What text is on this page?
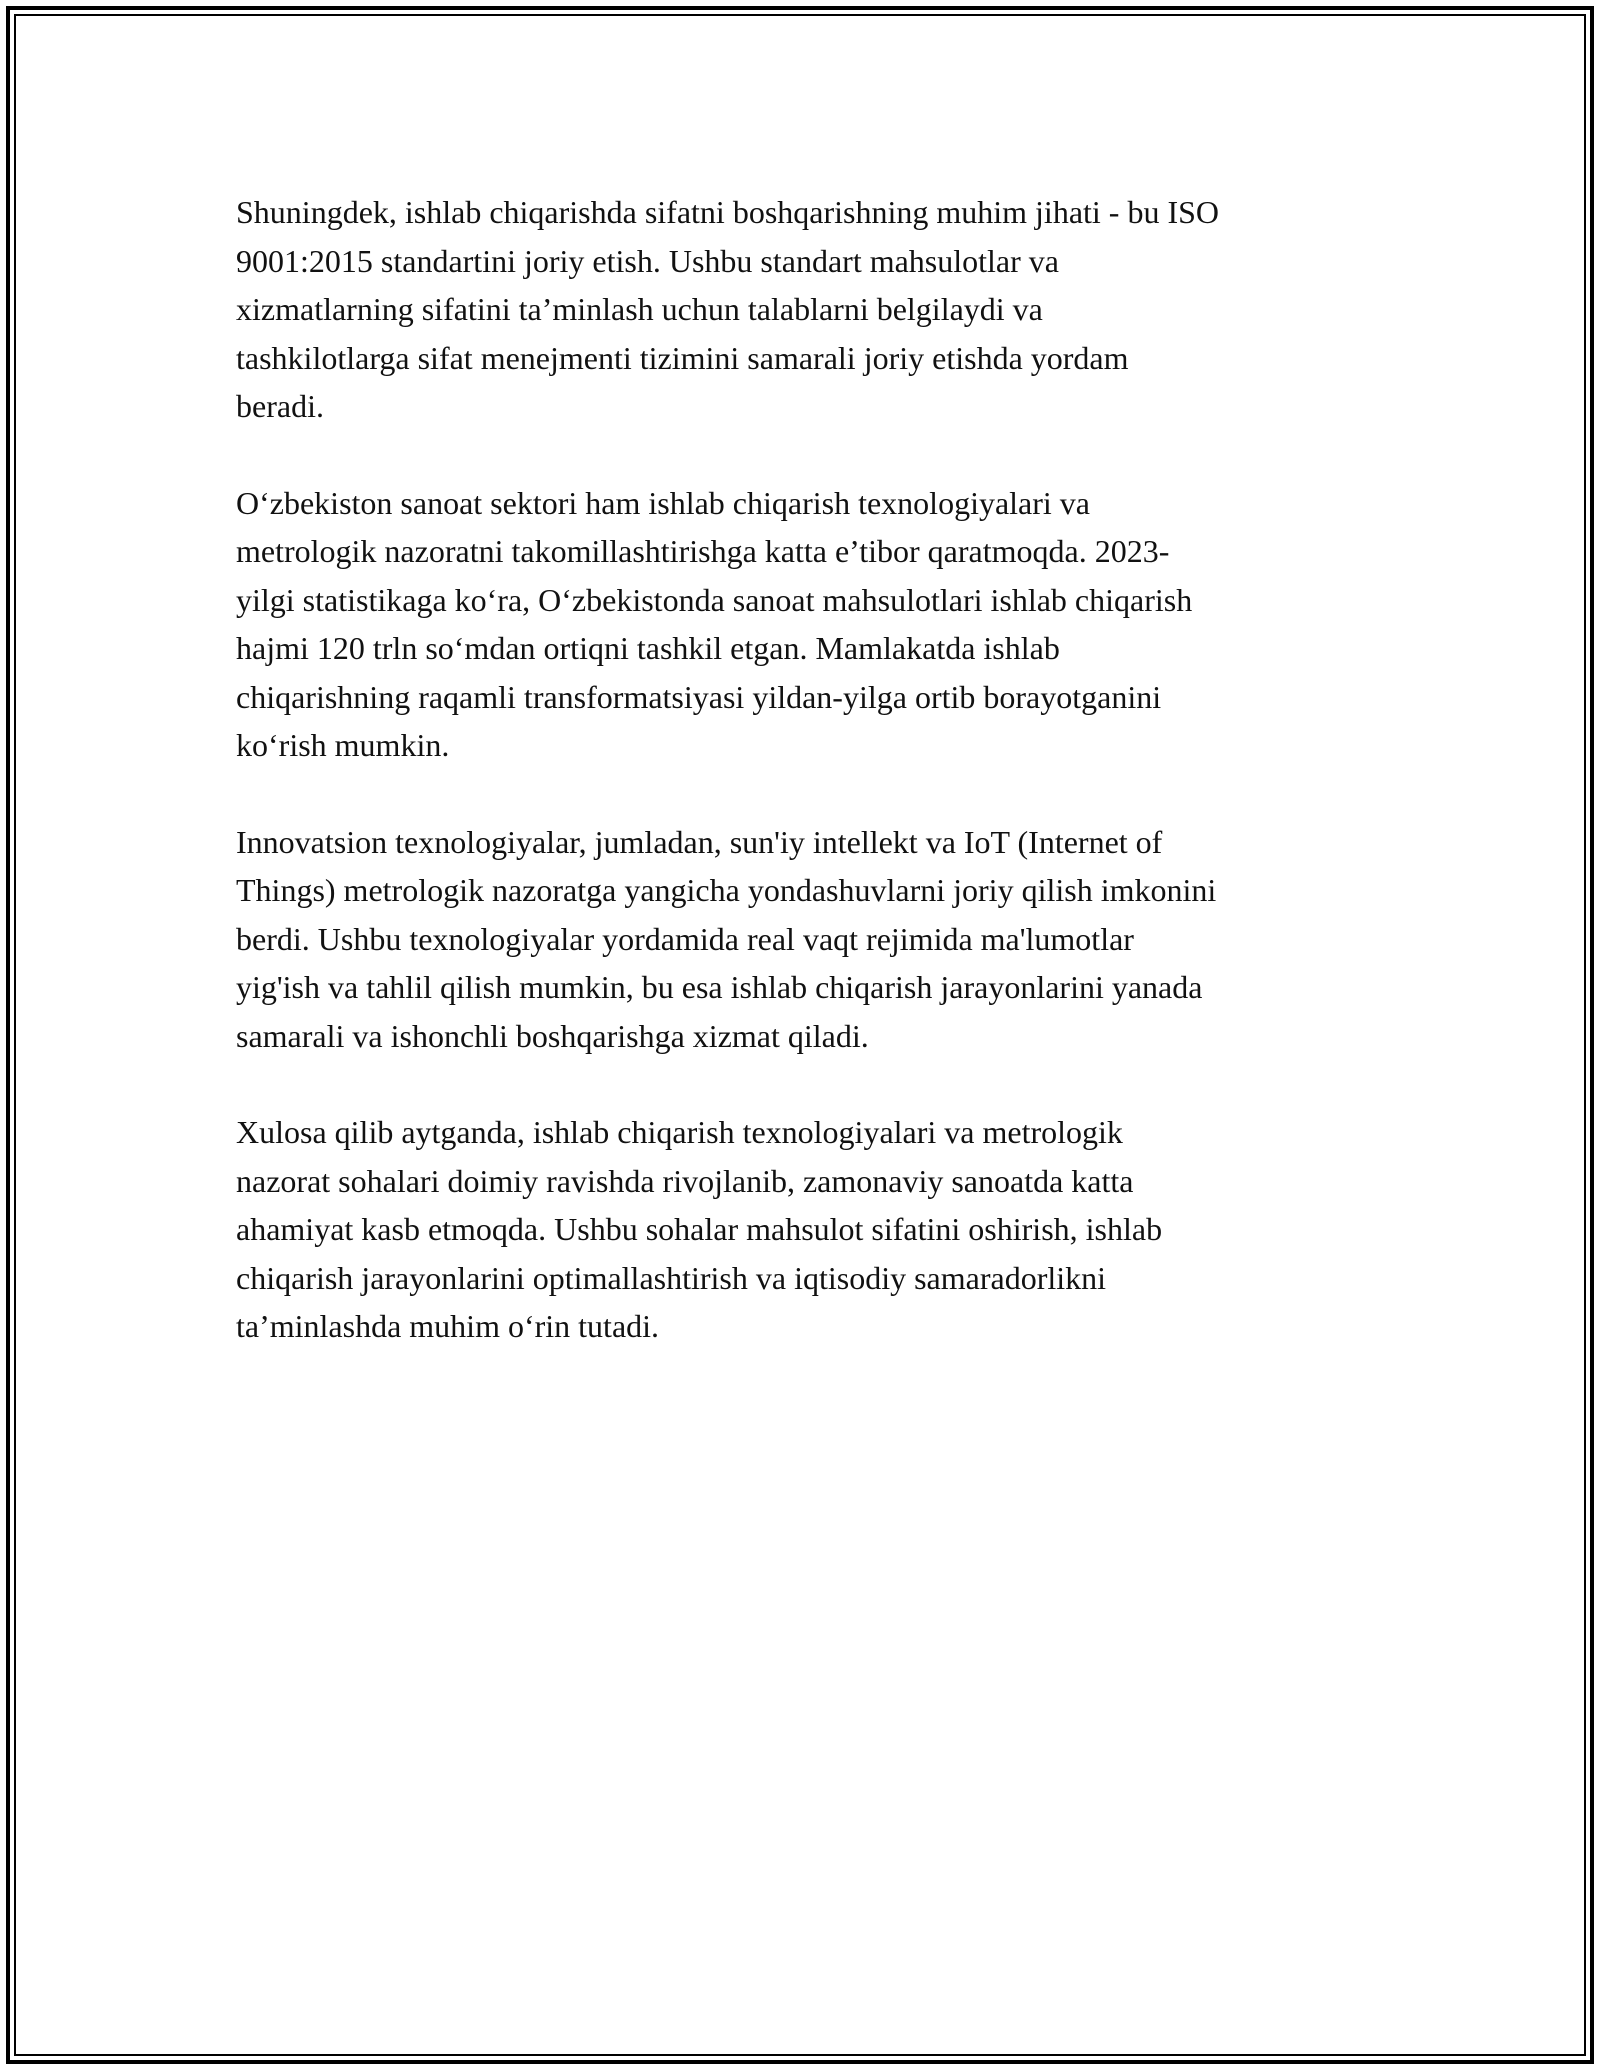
Shuningdek, ishlab chiqarishda sifatni boshqarishning muhim jihati - bu ISO
9001:2015 standartini joriy etish. Ushbu standart mahsulotlar va
xizmatlarning sifatini ta’minlash uchun talablarni belgilaydi va
tashkilotlarga sifat menejmenti tizimini samarali joriy etishda yordam
beradi.

O‘zbekiston sanoat sektori ham ishlab chiqarish texnologiyalari va
metrologik nazoratni takomillashtirishga katta e’tibor qaratmoqda. 2023-
yilgi statistikaga ko‘ra, O‘zbekistonda sanoat mahsulotlari ishlab chiqarish
hajmi 120 trln so‘mdan ortiqni tashkil etgan. Mamlakatda ishlab
chiqarishning raqamli transformatsiyasi yildan-yilga ortib borayotganini
ko‘rish mumkin.

Innovatsion texnologiyalar, jumladan, sun'iy intellekt va IoT (Internet of
Things) metrologik nazoratga yangicha yondashuvlarni joriy qilish imkonini
berdi. Ushbu texnologiyalar yordamida real vaqt rejimida ma'lumotlar
yig'ish va tahlil qilish mumkin, bu esa ishlab chiqarish jarayonlarini yanada
samarali va ishonchli boshqarishga xizmat qiladi.

Xulosa qilib aytganda, ishlab chiqarish texnologiyalari va metrologik
nazorat sohalari doimiy ravishda rivojlanib, zamonaviy sanoatda katta
ahamiyat kasb etmoqda. Ushbu sohalar mahsulot sifatini oshirish, ishlab
chiqarish jarayonlarini optimallashtirish va iqtisodiy samaradorlikni
ta’minlashda muhim o‘rin tutadi.
